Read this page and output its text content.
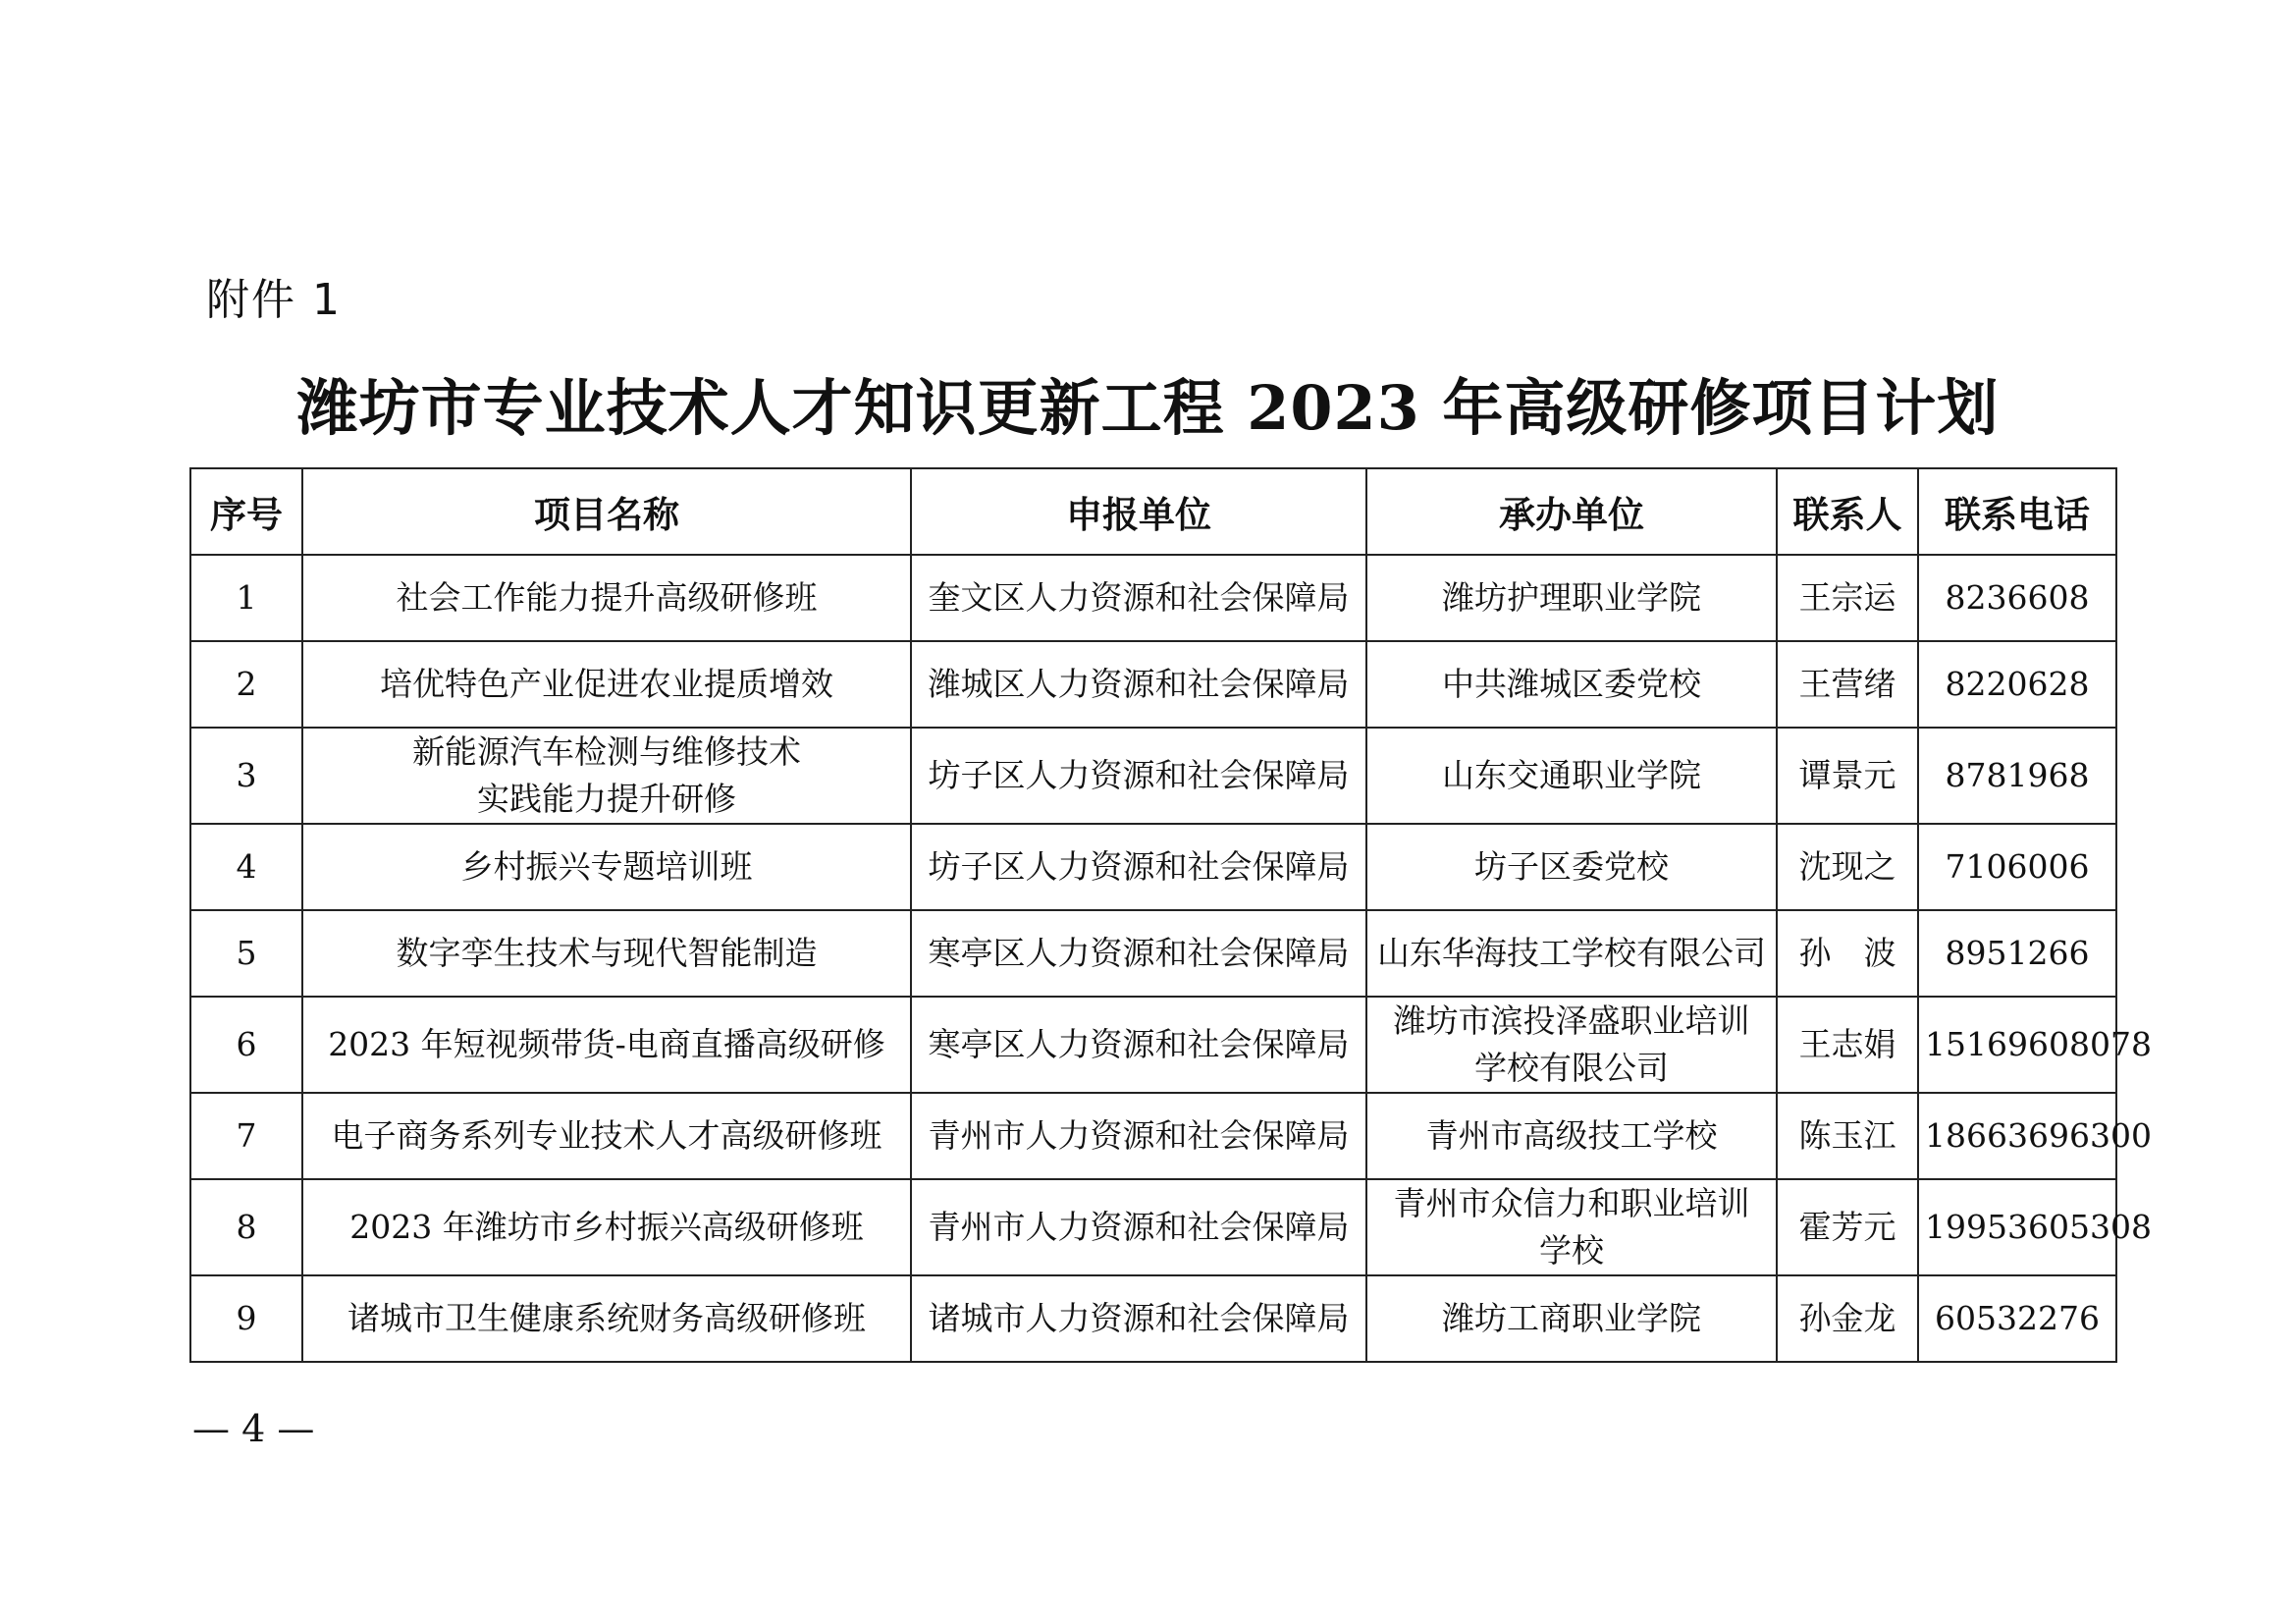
附件 1
潍坊市专业技术人才知识更新工程 2023 年高级研修项目计划
序号	项目名称	申报单位	承办单位	联系人	联系电话
1	社会工作能力提升高级研修班	奎文区人力资源和社会保障局	潍坊护理职业学院	王宗运	8236608
2	培优特色产业促进农业提质增效	潍城区人力资源和社会保障局	中共潍城区委党校	王营绪	8220628
3	新能源汽车检测与维修技术
实践能力提升研修	坊子区人力资源和社会保障局	山东交通职业学院	谭景元	8781968
4	乡村振兴专题培训班	坊子区人力资源和社会保障局	坊子区委党校	沈现之	7106006
5	数字孪生技术与现代智能制造	寒亭区人力资源和社会保障局	山东华海技工学校有限公司	孙　波	8951266
6	2023 年短视频带货-电商直播高级研修	寒亭区人力资源和社会保障局	潍坊市滨投泽盛职业培训
学校有限公司	王志娟	15169608078
7	电子商务系列专业技术人才高级研修班	青州市人力资源和社会保障局	青州市高级技工学校	陈玉江	18663696300
8	2023 年潍坊市乡村振兴高级研修班	青州市人力资源和社会保障局	青州市众信力和职业培训
学校	霍芳元	19953605308
9	诸城市卫生健康系统财务高级研修班	诸城市人力资源和社会保障局	潍坊工商职业学院	孙金龙	60532276
— 4 —
